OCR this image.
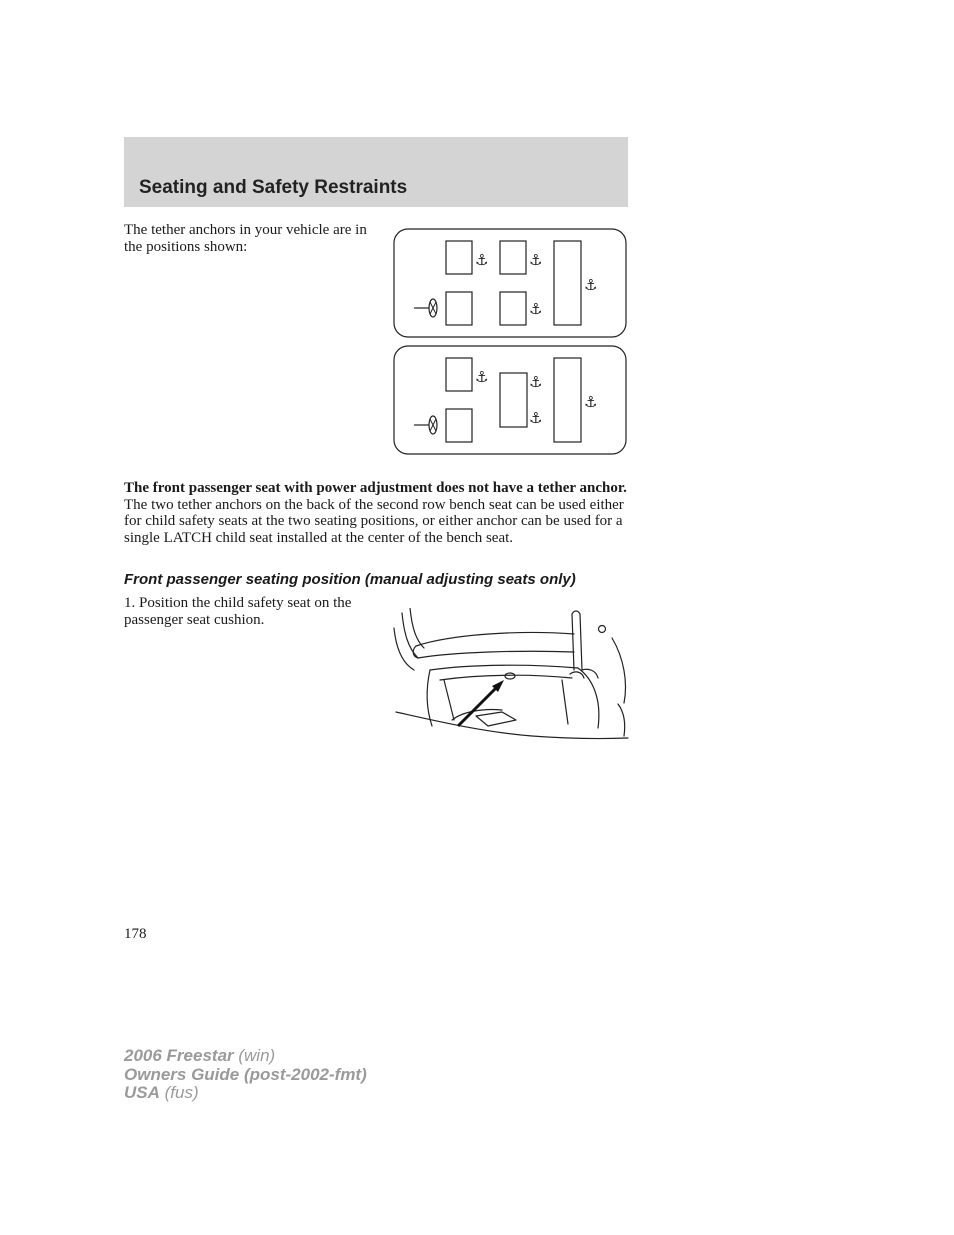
Seating and Safety Restraints

The tether anchors in your vehicle are in the positions shown:

⚓︎	⚓︎
⚓︎
⚓︎
⚓︎	⚓︎
⚓︎
⚓︎

The front passenger seat with power adjustment does not have a tether anchor. The two tether anchors on the back of the second row bench seat can be used either for child safety seats at the two seating positions, or either anchor can be used for a single LATCH child seat installed at the center of the bench seat.

Front passenger seating position (manual adjusting seats only)

1. Position the child safety seat on the passenger seat cushion.

178

2006 Freestar (win)
Owners Guide (post-2002-fmt)
USA (fus)
